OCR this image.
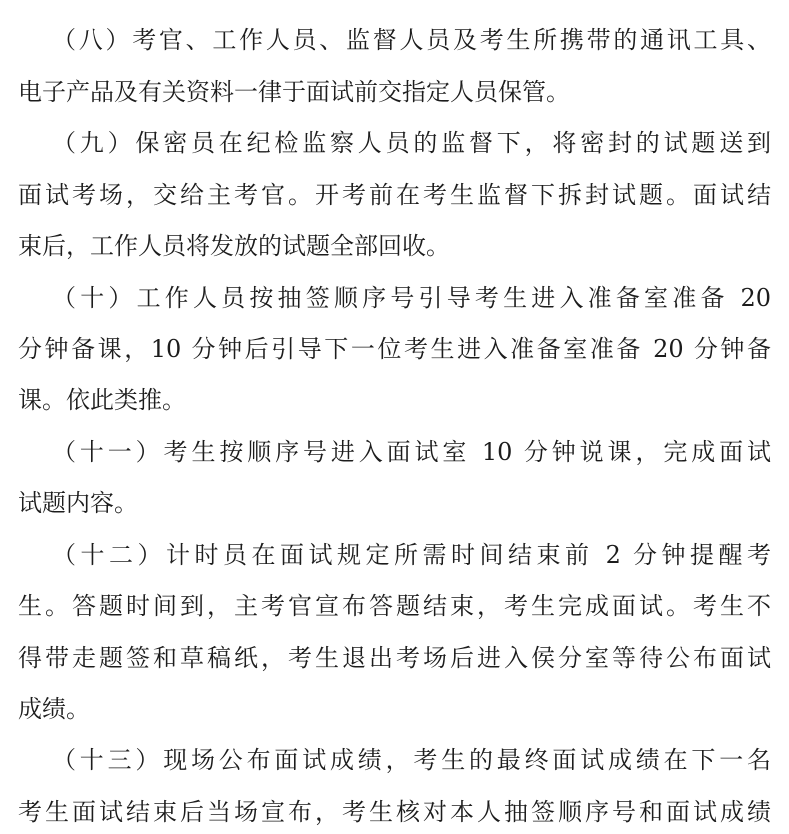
（八）考官、工作人员、监督人员及考生所携带的通讯工具、
电子产品及有关资料一律于面试前交指定人员保管。
（九）保密员在纪检监察人员的监督下，将密封的试题送到
面试考场，交给主考官。开考前在考生监督下拆封试题。面试结
束后，工作人员将发放的试题全部回收。
（十）工作人员按抽签顺序号引导考生进入准备室准备 20
分钟备课，10 分钟后引导下一位考生进入准备室准备 20 分钟备
课。依此类推。
（十一）考生按顺序号进入面试室 10 分钟说课，完成面试
试题内容。
（十二）计时员在面试规定所需时间结束前 2 分钟提醒考
生。答题时间到，主考官宣布答题结束，考生完成面试。考生不
得带走题签和草稿纸，考生退出考场后进入侯分室等待公布面试
成绩。
（十三）现场公布面试成绩，考生的最终面试成绩在下一名
考生面试结束后当场宣布，考生核对本人抽签顺序号和面试成绩
